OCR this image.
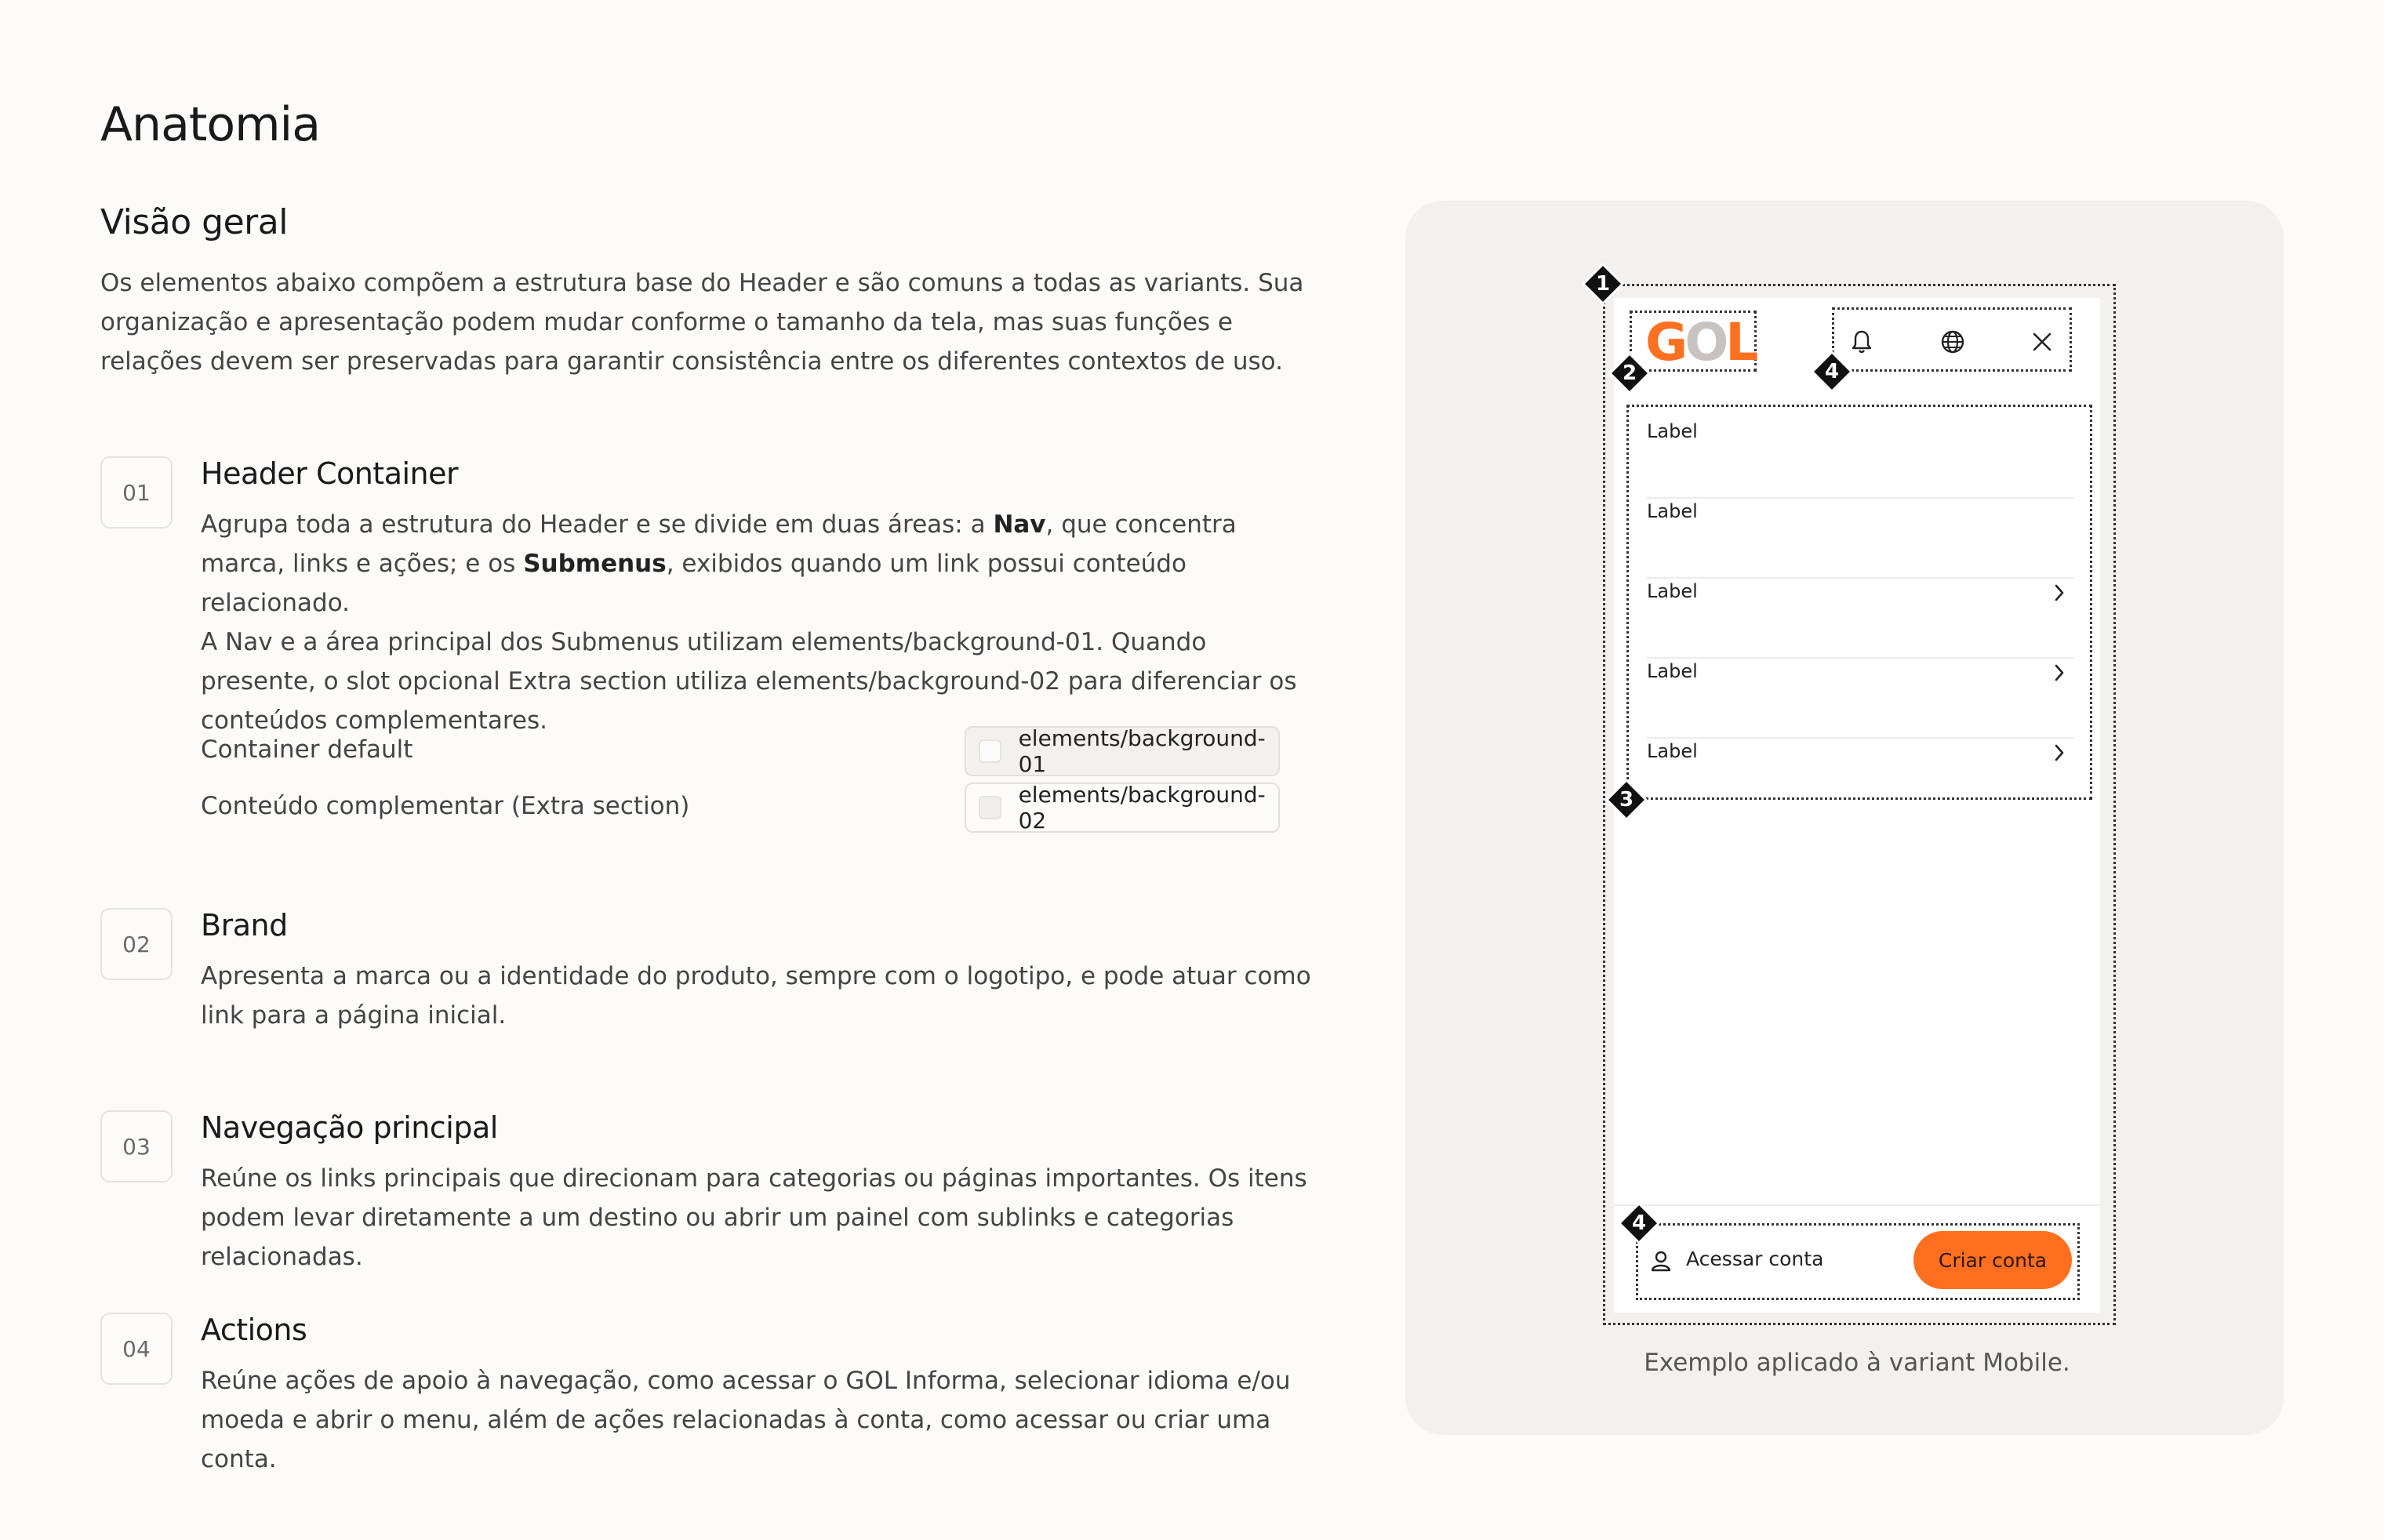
Anatomia
Visão geral

Os elementos abaixo compõem a estrutura base do Header e são comuns a todas as variants. Sua organização e apresentação podem mudar conforme o tamanho da tela, mas suas funções e relações devem ser preservadas para garantir consistência entre os diferentes contextos de uso.

01
Header Container

Agrupa toda a estrutura do Header e se divide em duas áreas: a Nav, que concentra marca, links e ações; e os Submenus, exibidos quando um link possui conteúdo relacionado.
A Nav e a área principal dos Submenus utilizam elements/background-01. Quando presente, o slot opcional Extra section utiliza elements/background-02 para diferenciar os conteúdos complementares.

Container default	elements/background-01
Conteúdo complementar (Extra section)	elements/background-02
02
Brand

Apresenta a marca ou a identidade do produto, sempre com o logotipo, e pode atuar como link para a página inicial.

03
Navegação principal

Reúne os links principais que direcionam para categorias ou páginas importantes. Os itens podem levar diretamente a um destino ou abrir um painel com sublinks e categorias relacionadas.

04
Actions

Reúne ações de apoio à navegação, como acessar o GOL Informa, selecionar idioma e/ou moeda e abrir o menu, além de ações relacionadas à conta, como acessar ou criar uma conta.

GOL
Label
Label
Label
Label
Label
Acessar conta	Criar conta
1
2	4
3
4
Exemplo aplicado à variant Mobile.
